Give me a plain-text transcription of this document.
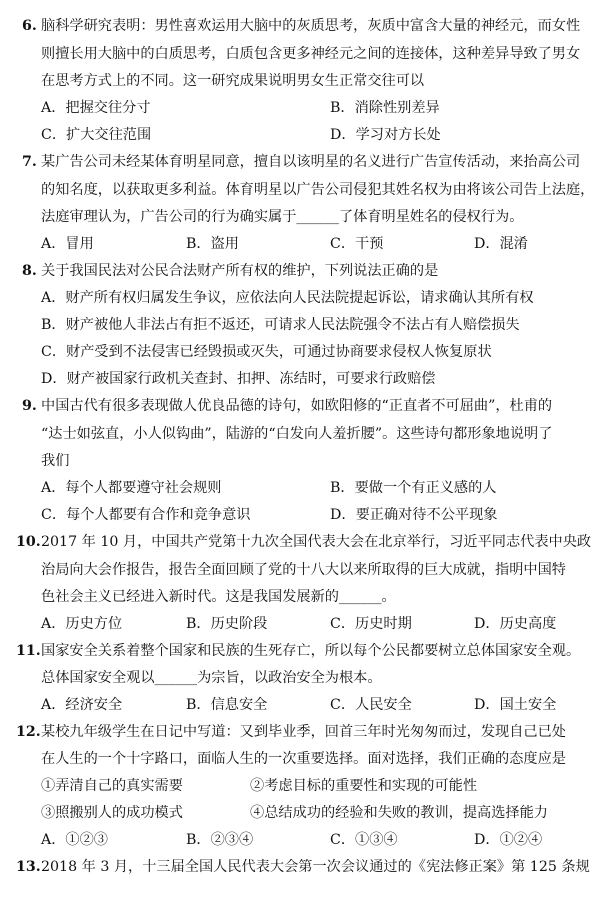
6. 脑科学研究表明：男性喜欢运用大脑中的灰质思考，灰质中富含大量的神经元，而女性
则擅长用大脑中的白质思考，白质包含更多神经元之间的连接体，这种差异导致了男女
在思考方式上的不同。这一研究成果说明男女生正常交往可以
A．把握交往分寸	B．消除性别差异
C．扩大交往范围	D．学习对方长处
7. 某广告公司未经某体育明星同意，擅自以该明星的名义进行广告宣传活动，来抬高公司
的知名度，以获取更多利益。体育明星以广告公司侵犯其姓名权为由将该公司告上法庭，
法庭审理认为，广告公司的行为确实属于______了体育明星姓名的侵权行为。
A．冒用	B．盗用	C．干预	D．混淆
8. 关于我国民法对公民合法财产所有权的维护，下列说法正确的是
A．财产所有权归属发生争议，应依法向人民法院提起诉讼，请求确认其所有权
B．财产被他人非法占有拒不返还，可请求人民法院强令不法占有人赔偿损失
C．财产受到不法侵害已经毁损或灭失，可通过协商要求侵权人恢复原状
D．财产被国家行政机关查封、扣押、冻结时，可要求行政赔偿
9. 中国古代有很多表现做人优良品德的诗句，如欧阳修的“正直者不可屈曲”，杜甫的
“达士如弦直，小人似钩曲”，陆游的“白发向人羞折腰”。这些诗句都形象地说明了
我们
A．每个人都要遵守社会规则	B．要做一个有正义感的人
C．每个人都要有合作和竞争意识	D．要正确对待不公平现象
10. 2017 年 10 月，中国共产党第十九次全国代表大会在北京举行，习近平同志代表中央政
治局向大会作报告，报告全面回顾了党的十八大以来所取得的巨大成就，指明中国特
色社会主义已经进入新时代。这是我国发展新的______。
A．历史方位	B．历史阶段	C．历史时期	D．历史高度
11. 国家安全关系着整个国家和民族的生死存亡，所以每个公民都要树立总体国家安全观。
总体国家安全观以______为宗旨，以政治安全为根本。
A．经济安全	B．信息安全	C．人民安全	D．国土安全
12. 某校九年级学生在日记中写道：又到毕业季，回首三年时光匆匆而过，发现自己已处
在人生的一个十字路口，面临人生的一次重要选择。面对选择，我们正确的态度应是
①弄清自己的真实需要	②考虑目标的重要性和实现的可能性
③照搬别人的成功模式	④总结成功的经验和失败的教训，提高选择能力
A．①②③	B．②③④	C．①③④	D．①②④
13. 2018 年 3 月，十三届全国人民代表大会第一次会议通过的《宪法修正案》第 125 条规
